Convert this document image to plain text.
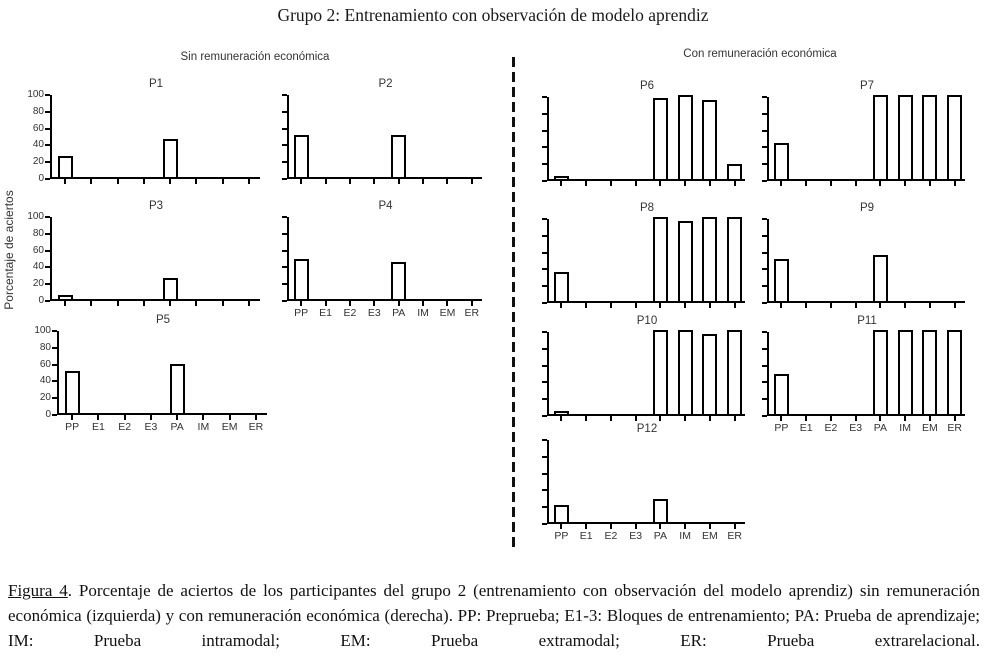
Grupo 2: Entrenamiento con observación de modelo aprendiz
Sin remuneración económica	Con remuneración económica
Porcentaje de aciertos
Figura 4. Porcentaje de aciertos de los participantes del grupo 2 (entrenamiento con observación del modelo aprendiz) sin remuneración económica (izquierda) y con remuneración económica (derecha). PP: Preprueba; E1-3: Bloques de entrenamiento; PA: Prueba de aprendizaje; IM: Prueba intramodal; EM: Prueba extramodal; ER: Prueba extrarelacional.
P1
0
20
40
60
80
100
P2
P3
0
20
40
60
80
100
P4
PP	E1	E2	E3	PA	IM	EM ER
P5
0
20
40
60
80
100
PP	E1	E2	E3	PA	IM	EM	ER
P6	P7
P8	P9
P10	P11
PP	E1	E2	E3	PA	IM	EM ER
P12
PP	E1	E2	E3	PA	IM	EM ER
